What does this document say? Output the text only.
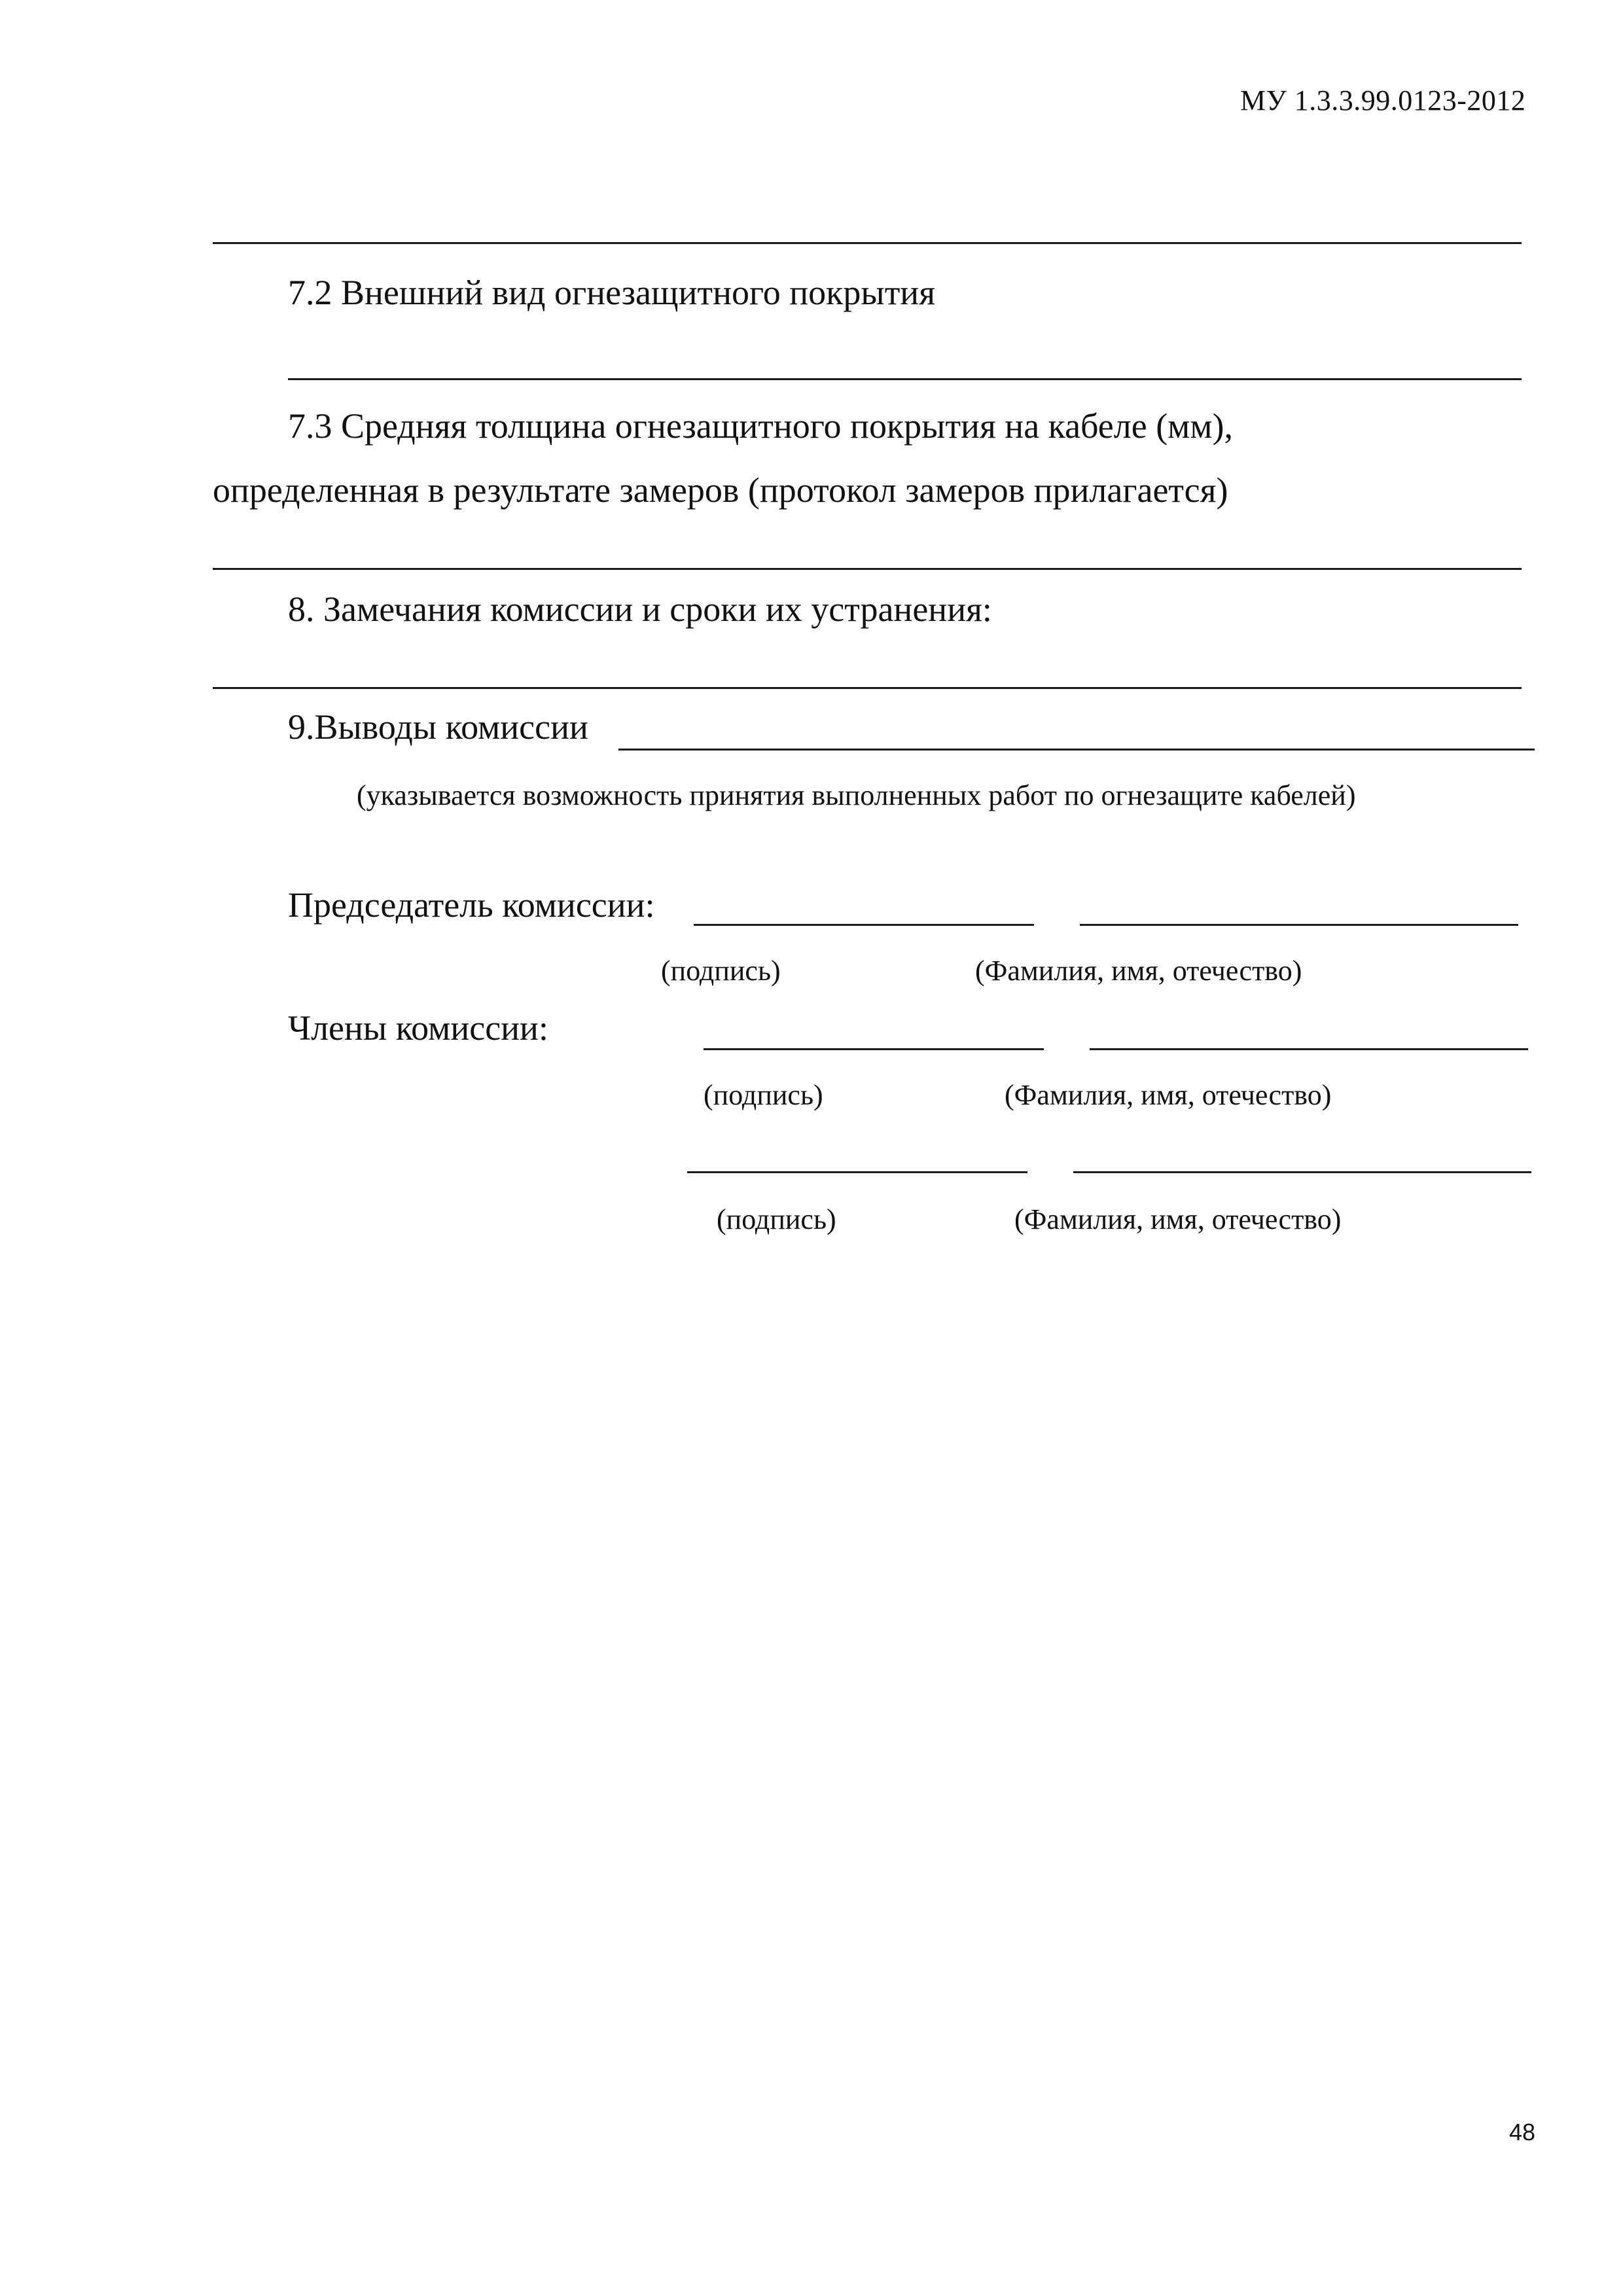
МУ 1.3.3.99.0123-2012
7.2 Внешний вид огнезащитного покрытия
7.3 Средняя толщина огнезащитного покрытия на кабеле (мм),
определенная в результате замеров (протокол замеров прилагается)
8. Замечания комиссии и сроки их устранения:
9.Выводы комиссии
(указывается возможность принятия выполненных работ по огнезащите кабелей)
Председатель комиссии:
(подпись)	(Фамилия, имя, отечество)
Члены комиссии:
(подпись)	(Фамилия, имя, отечество)
(подпись)	(Фамилия, имя, отечество)
48
